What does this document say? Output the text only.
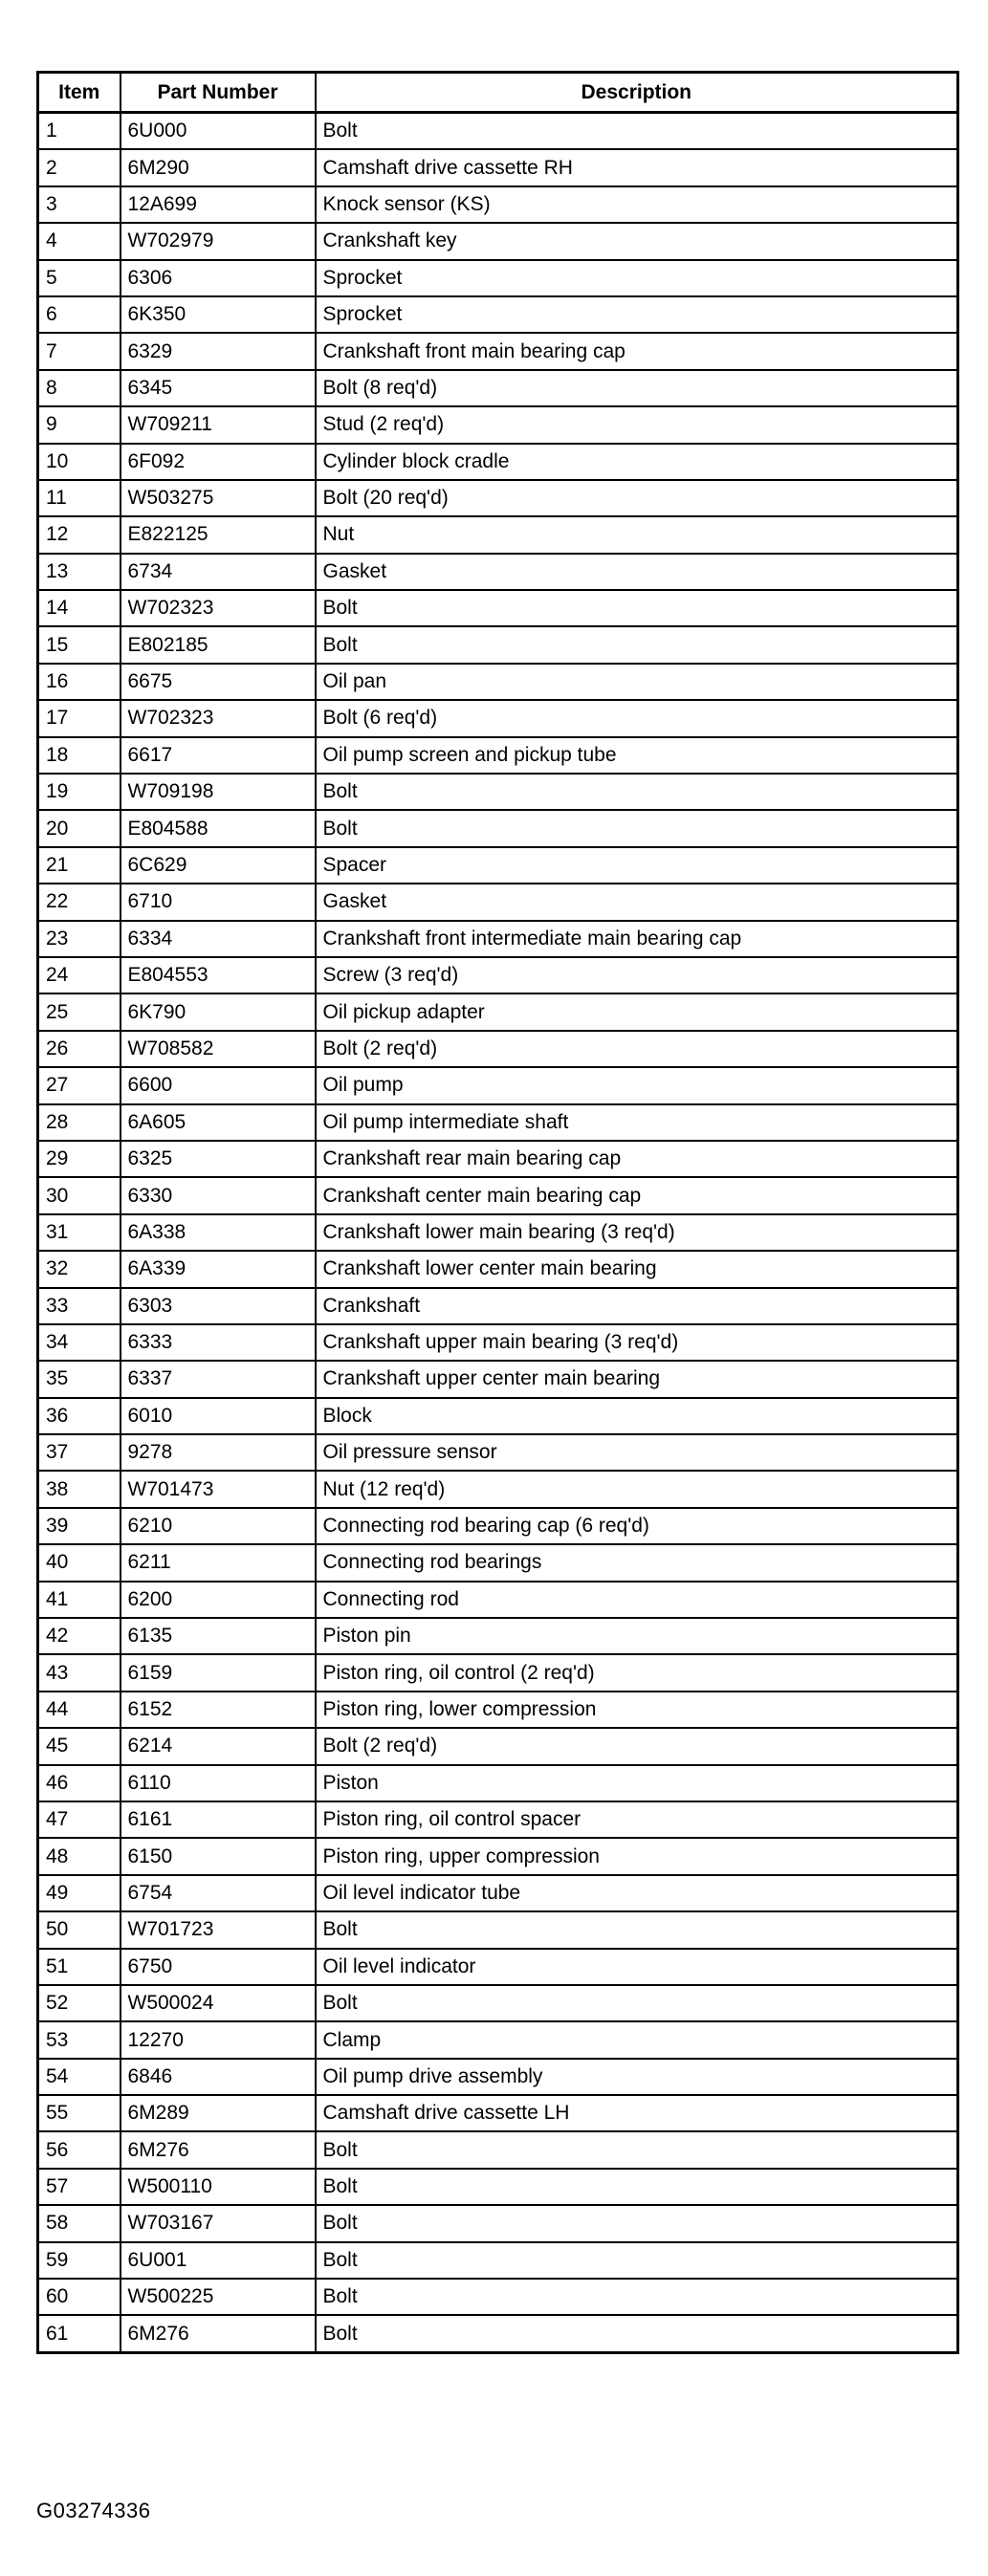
Item	Part Number	Description
1	6U000	Bolt
2	6M290	Camshaft drive cassette RH
3	12A699	Knock sensor (KS)
4	W702979	Crankshaft key
5	6306	Sprocket
6	6K350	Sprocket
7	6329	Crankshaft front main bearing cap
8	6345	Bolt (8 req'd)
9	W709211	Stud (2 req'd)
10	6F092	Cylinder block cradle
11	W503275	Bolt (20 req'd)
12	E822125	Nut
13	6734	Gasket
14	W702323	Bolt
15	E802185	Bolt
16	6675	Oil pan
17	W702323	Bolt (6 req'd)
18	6617	Oil pump screen and pickup tube
19	W709198	Bolt
20	E804588	Bolt
21	6C629	Spacer
22	6710	Gasket
23	6334	Crankshaft front intermediate main bearing cap
24	E804553	Screw (3 req'd)
25	6K790	Oil pickup adapter
26	W708582	Bolt (2 req'd)
27	6600	Oil pump
28	6A605	Oil pump intermediate shaft
29	6325	Crankshaft rear main bearing cap
30	6330	Crankshaft center main bearing cap
31	6A338	Crankshaft lower main bearing (3 req'd)
32	6A339	Crankshaft lower center main bearing
33	6303	Crankshaft
34	6333	Crankshaft upper main bearing (3 req'd)
35	6337	Crankshaft upper center main bearing
36	6010	Block
37	9278	Oil pressure sensor
38	W701473	Nut (12 req'd)
39	6210	Connecting rod bearing cap (6 req'd)
40	6211	Connecting rod bearings
41	6200	Connecting rod
42	6135	Piston pin
43	6159	Piston ring, oil control (2 req'd)
44	6152	Piston ring, lower compression
45	6214	Bolt (2 req'd)
46	6110	Piston
47	6161	Piston ring, oil control spacer
48	6150	Piston ring, upper compression
49	6754	Oil level indicator tube
50	W701723	Bolt
51	6750	Oil level indicator
52	W500024	Bolt
53	12270	Clamp
54	6846	Oil pump drive assembly
55	6M289	Camshaft drive cassette LH
56	6M276	Bolt
57	W500110	Bolt
58	W703167	Bolt
59	6U001	Bolt
60	W500225	Bolt
61	6M276	Bolt
G03274336
